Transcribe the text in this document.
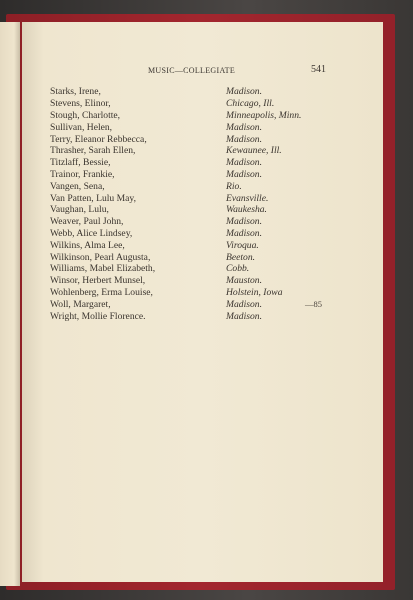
MUSIC—COLLEGIATE	541
Starks, Irene,	Madison.
Stevens, Elinor,	Chicago, Ill.
Stough, Charlotte,	Minneapolis, Minn.
Sullivan, Helen,	Madison.
Terry, Eleanor Rebbecca,	Madison.
Thrasher, Sarah Ellen,	Kewaunee, Ill.
Titzlaff, Bessie,	Madison.
Trainor, Frankie,	Madison.
Vangen, Sena,	Rio.
Van Patten, Lulu May,	Evansville.
Vaughan, Lulu,	Waukesha.
Weaver, Paul John,	Madison.
Webb, Alice Lindsey,	Madison.
Wilkins, Alma Lee,	Viroqua.
Wilkinson, Pearl Augusta,	Beeton.
Williams, Mabel Elizabeth,	Cobb.
Winsor, Herbert Munsel,	Mauston.
Wohlenberg, Erma Louise,	Holstein, Iowa
Woll, Margaret,	Madison.
Wright, Mollie Florence.	Madison.
—85
